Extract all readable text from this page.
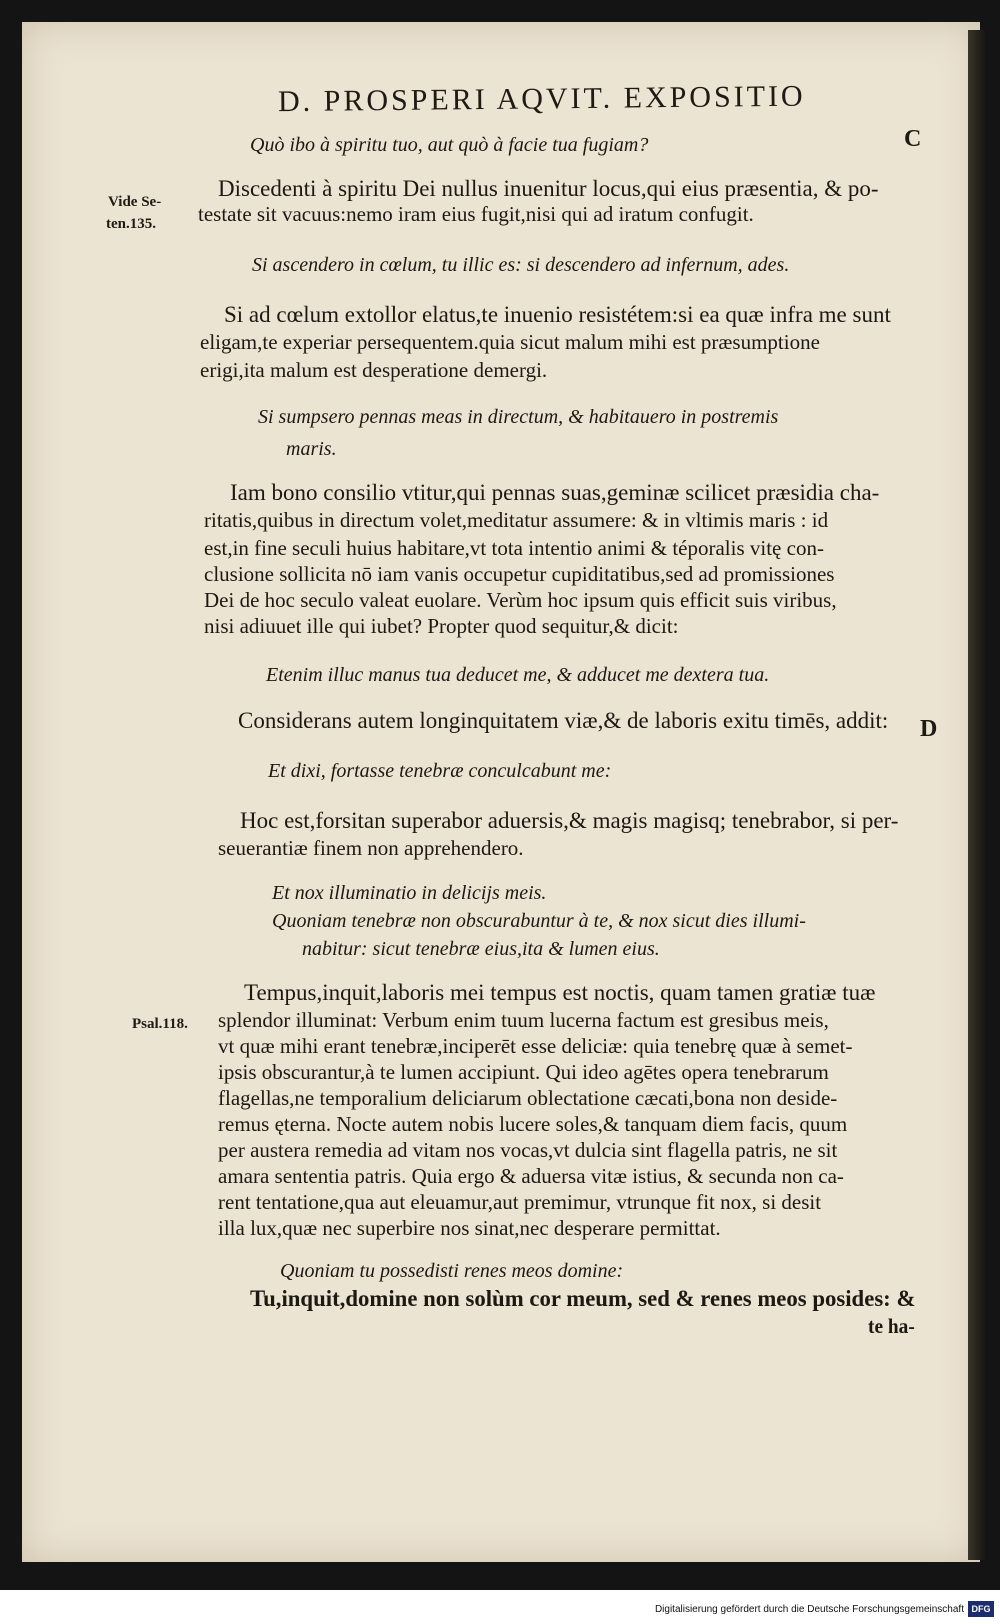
D. PROSPERI AQVIT. EXPOSITIO
C
D
Vide Se-
ten.135.
Psal.118.
Quò ibo à spiritu tuo, aut quò à facie tua fugiam?
Discedenti à spiritu Dei nullus inuenitur locus,qui eius præsentia, & po-
testate sit vacuus:nemo iram eius fugit,nisi qui ad iratum confugit.
Si ascendero in cœlum, tu illic es: si descendero ad infernum, ades.
Si ad cœlum extollor elatus,te inuenio resistétem:si ea quæ infra me sunt
eligam,te experiar persequentem.quia sicut malum mihi est præsumptione
erigi,ita malum est desperatione demergi.
Si sumpsero pennas meas in directum, & habitauero in postremis
maris.
Iam bono consilio vtitur,qui pennas suas,geminæ scilicet præsidia cha-
ritatis,quibus in directum volet,meditatur assumere: & in vltimis maris : id
est,in fine seculi huius habitare,vt tota intentio animi & téporalis vitę con-
clusione sollicita nō iam vanis occupetur cupiditatibus,sed ad promissiones
Dei de hoc seculo valeat euolare. Verùm hoc ipsum quis efficit suis viribus,
nisi adiuuet ille qui iubet? Propter quod sequitur,& dicit:
Etenim illuc manus tua deducet me, & adducet me dextera tua.
Considerans autem longinquitatem viæ,& de laboris exitu timēs, addit:
Et dixi, fortasse tenebræ conculcabunt me:
Hoc est,forsitan superabor aduersis,& magis magisq; tenebrabor, si per-
seuerantiæ finem non apprehendero.
Et nox illuminatio in delicijs meis.
Quoniam tenebræ non obscurabuntur à te, & nox sicut dies illumi-
nabitur: sicut tenebræ eius,ita & lumen eius.
Tempus,inquit,laboris mei tempus est noctis, quam tamen gratiæ tuæ
splendor illuminat: Verbum enim tuum lucerna factum est gresibus meis,
vt quæ mihi erant tenebræ,inciperēt esse deliciæ: quia tenebrę quæ à semet-
ipsis obscurantur,à te lumen accipiunt. Qui ideo agētes opera tenebrarum
flagellas,ne temporalium deliciarum oblectatione cæcati,bona non deside-
remus ęterna. Nocte autem nobis lucere soles,& tanquam diem facis, quum
per austera remedia ad vitam nos vocas,vt dulcia sint flagella patris, ne sit
amara sententia patris. Quia ergo & aduersa vitæ istius, & secunda non ca-
rent tentatione,qua aut eleuamur,aut premimur, vtrunque fit nox, si desit
illa lux,quæ nec superbire nos sinat,nec desperare permittat.
Quoniam tu possedisti renes meos domine:
Tu,inquit,domine non solùm cor meum, sed & renes meos posides: &
te ha-
Digitalisierung gefördert durch die Deutsche Forschungsgemeinschaft DFG
